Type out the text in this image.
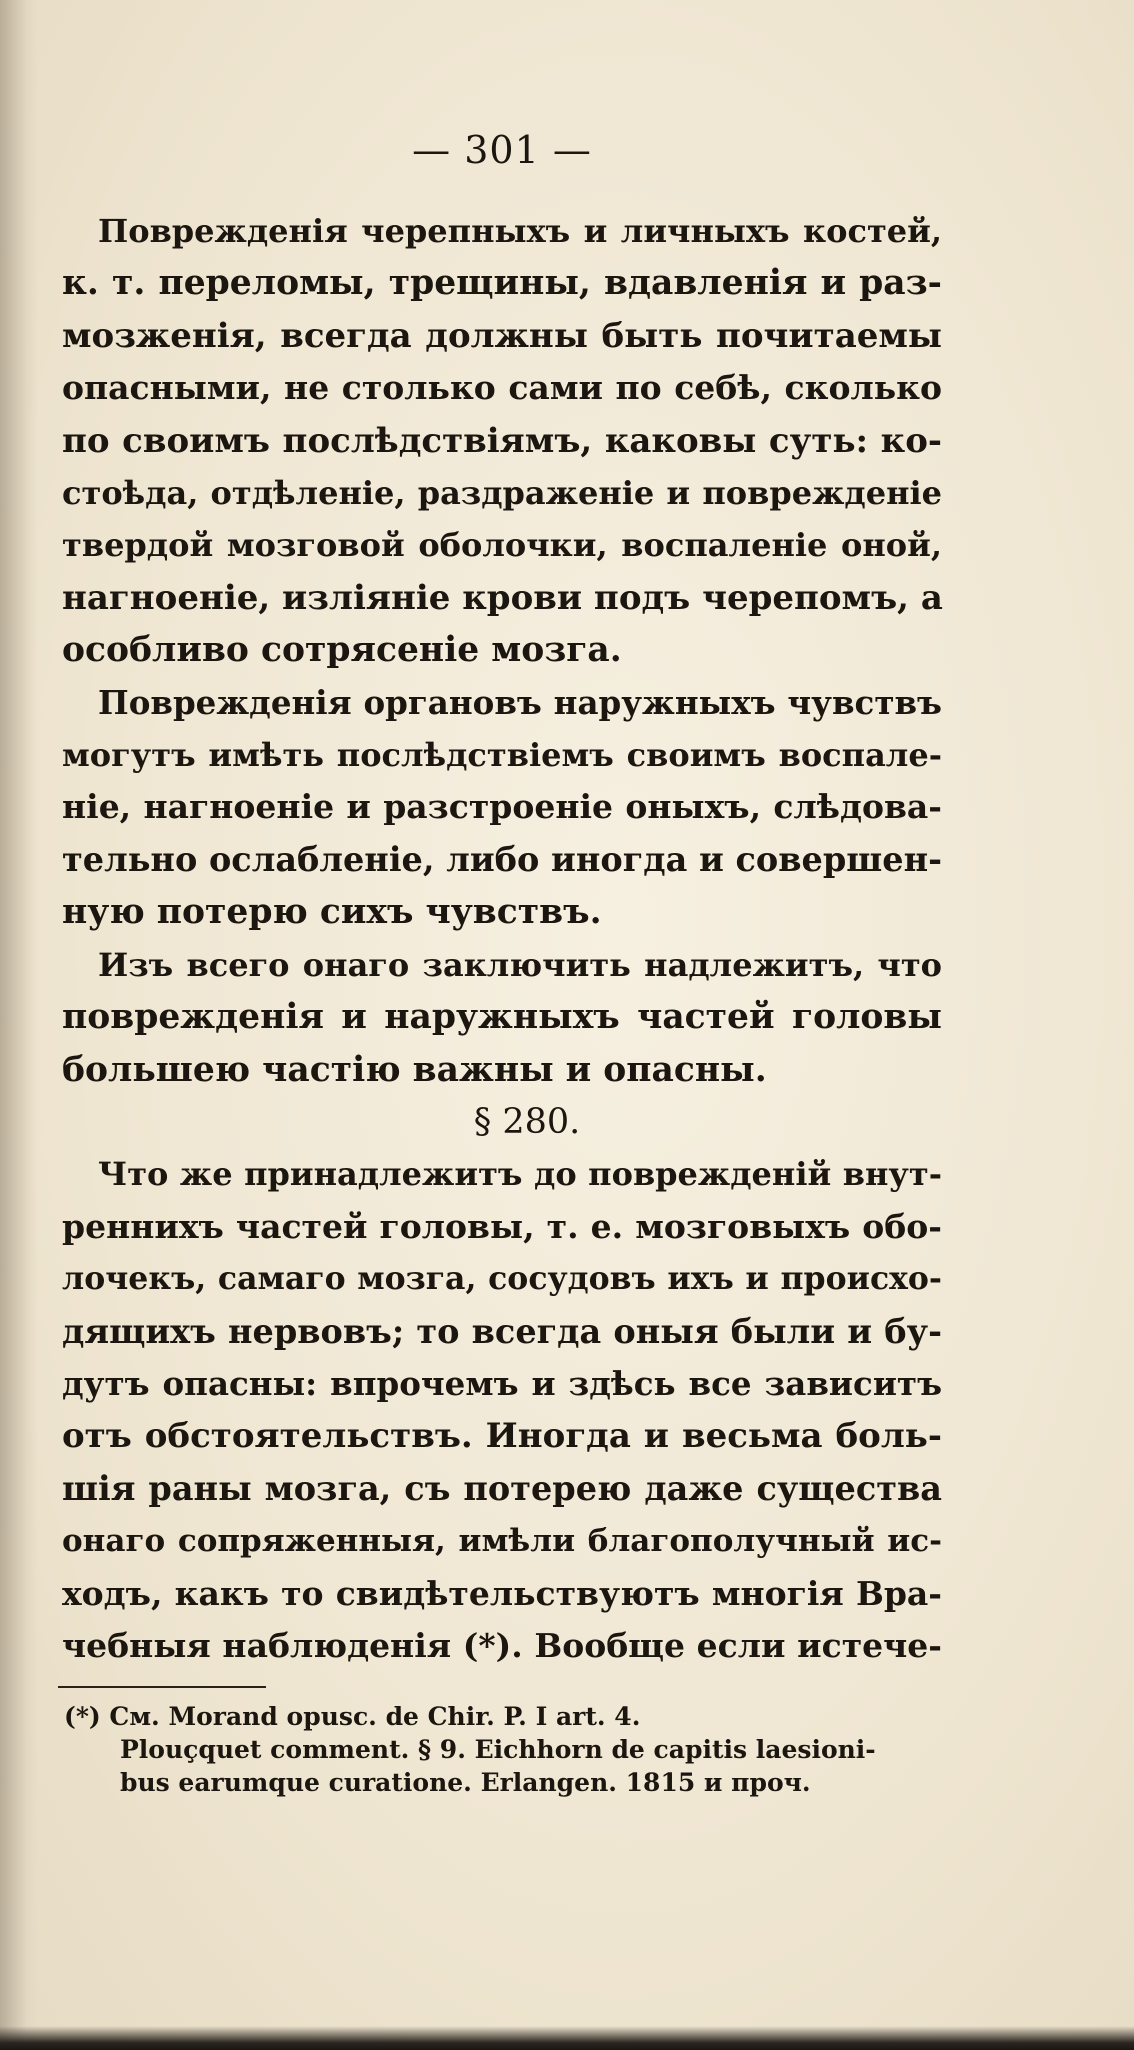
— 301 —
Поврежденія черепныхъ и личныхъ костей,
к. т. переломы, трещины, вдавленія и раз-
мозженія, всегда должны быть почитаемы
опасными, не столько сами по себѣ, сколько
по своимъ послѣдствіямъ, каковы суть: ко-
стоѣда, отдѣленіе, раздраженіе и поврежденіе
твердой мозговой оболочки, воспаленіе оной,
нагноеніе, изліяніе крови подъ черепомъ, а
особливо сотрясеніе мозга.
Поврежденія органовъ наружныхъ чувствъ
могутъ имѣть послѣдствіемъ своимъ воспале-
ніе, нагноеніе и разстроеніе оныхъ, слѣдова-
тельно ослабленіе, либо иногда и совершен-
ную потерю сихъ чувствъ.
Изъ всего онаго заключить надлежитъ, что
поврежденія и наружныхъ частей головы
большею частію важны и опасны.
§ 280.
Что же принадлежитъ до поврежденій внут-
реннихъ частей головы, т. е. мозговыхъ обо-
лочекъ, самаго мозга, сосудовъ ихъ и происхо-
дящихъ нервовъ; то всегда оныя были и бу-
дутъ опасны: впрочемъ и здѣсь все зависитъ
отъ обстоятельствъ. Иногда и весьма боль-
шія раны мозга, съ потерею даже существа
онаго сопряженныя, имѣли благополучный ис-
ходъ, какъ то свидѣтельствуютъ многія Вра-
чебныя наблюденія (*). Вообще если истече-
(*) См. Morand opusc. de Chir. P. I art. 4.
Plouçquet comment. § 9. Eichhorn de capitis laesioni-
bus earumque curatione. Erlangen. 1815 и проч.
